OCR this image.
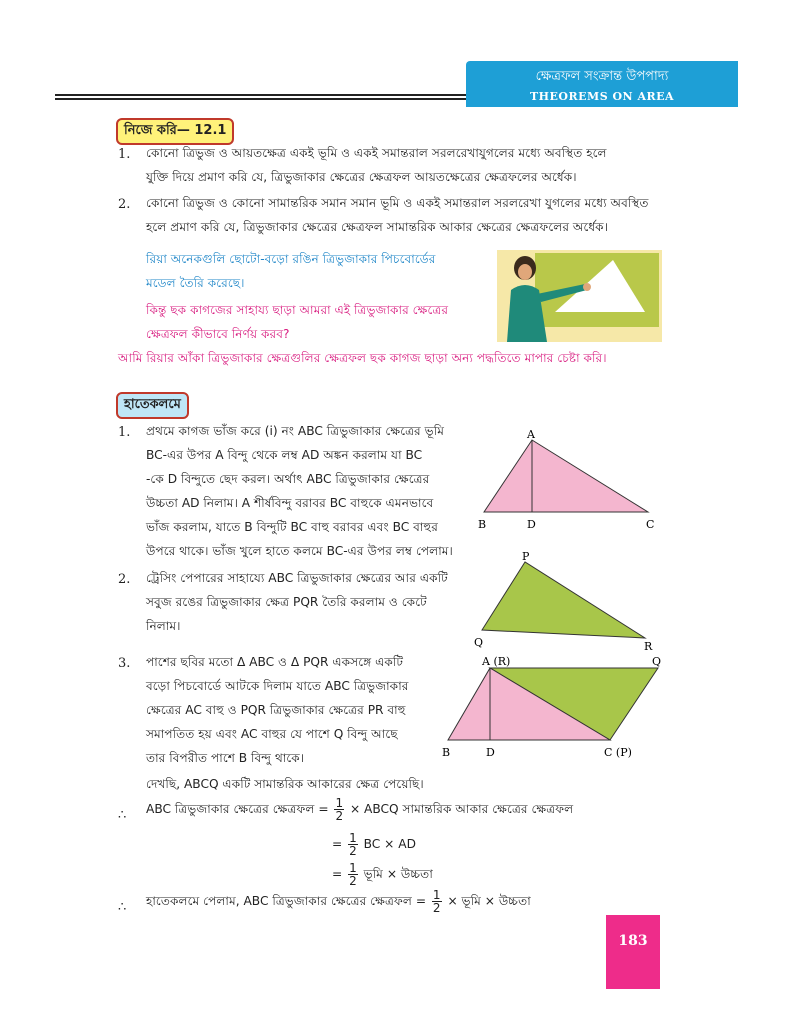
ক্ষেত্রফল সংক্রান্ত উপপাদ্য
THEOREMS ON AREA
নিজে করি— 12.1
1. কোনো ত্রিভুজ ও আয়তক্ষেত্র একই ভূমি ও একই সমান্তরাল সরলরেখাযুগলের মধ্যে অবস্থিত হলে
যুক্তি দিয়ে প্রমাণ করি যে, ত্রিভুজাকার ক্ষেত্রের ক্ষেত্রফল আয়তক্ষেত্রের ক্ষেত্রফলের অর্ধেক।
2. কোনো ত্রিভুজ ও কোনো সামান্তরিক সমান সমান ভূমি ও একই সমান্তরাল সরলরেখা যুগলের মধ্যে অবস্থিত
হলে প্রমাণ করি যে, ত্রিভুজাকার ক্ষেত্রের ক্ষেত্রফল সামান্তরিক আকার ক্ষেত্রের ক্ষেত্রফলের অর্ধেক।
রিয়া অনেকগুলি ছোটো-বড়ো রঙিন ত্রিভুজাকার পিচবোর্ডের
মডেল তৈরি করেছে।
কিন্তু ছক কাগজের সাহায্য ছাড়া আমরা এই ত্রিভুজাকার ক্ষেত্রের
ক্ষেত্রফল কীভাবে নির্ণয় করব?
আমি রিয়ার আঁকা ত্রিভুজাকার ক্ষেত্রগুলির ক্ষেত্রফল ছক কাগজ ছাড়া অন্য পদ্ধতিতে মাপার চেষ্টা করি।
হাতেকলমে
1. প্রথমে কাগজ ভাঁজ করে (i) নং ABC ত্রিভুজাকার ক্ষেত্রের ভূমি
BC-এর উপর A বিন্দু থেকে লম্ব AD অঙ্কন করলাম যা BC
-কে D বিন্দুতে ছেদ করল। অর্থাৎ ABC ত্রিভুজাকার ক্ষেত্রের
উচ্চতা AD নিলাম। A শীর্ষবিন্দু বরাবর BC বাহুকে এমনভাবে
ভাঁজ করলাম, যাতে B বিন্দুটি BC বাহু বরাবর এবং BC বাহুর
উপরে থাকে। ভাঁজ খুলে হাতে কলমে BC-এর উপর লম্ব পেলাম।
A
B	D	C
2. ট্রেসিং পেপারের সাহায্যে ABC ত্রিভুজাকার ক্ষেত্রের আর একটি
সবুজ রঙের ত্রিভুজাকার ক্ষেত্র PQR তৈরি করলাম ও কেটে
নিলাম।
P
Q	R
3. পাশের ছবির মতো Δ ABC ও Δ PQR একসঙ্গে একটি
বড়ো পিচবোর্ডে আটকে দিলাম যাতে ABC ত্রিভুজাকার
ক্ষেত্রের AC বাহু ও PQR ত্রিভুজাকার ক্ষেত্রের PR বাহু
সমাপতিত হয় এবং AC বাহুর যে পাশে Q বিন্দু আছে
তার বিপরীত পাশে B বিন্দু থাকে।
A (R)	Q
B	D	C (P)
দেখছি, ABCQ একটি সামান্তরিক আকারের ক্ষেত্র পেয়েছি।
∴ ABC ত্রিভুজাকার ক্ষেত্রের ক্ষেত্রফল = $\frac{1}{2}$ × ABCQ সামান্তরিক আকার ক্ষেত্রের ক্ষেত্রফল
= $\frac{1}{2}$ BC × AD
= $\frac{1}{2}$ ভূমি × উচ্চতা
∴ হাতেকলমে পেলাম, ABC ত্রিভুজাকার ক্ষেত্রের ক্ষেত্রফল = $\frac{1}{2}$ × ভূমি × উচ্চতা
183
